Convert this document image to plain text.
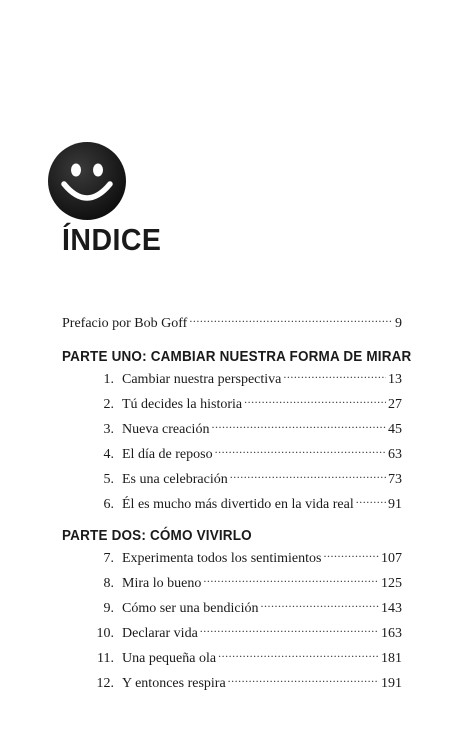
ÍNDICE
Prefacio por Bob Goff .....	9
PARTE UNO: CAMBIAR NUESTRA FORMA DE MIRAR
1. Cambiar nuestra perspectiva .....	13
2. Tú decides la historia .....	27
3. Nueva creación .....	45
4. El día de reposo .....	63
5. Es una celebración .....	73
6. Él es mucho más divertido en la vida real ..... 91
PARTE DOS: CÓMO VIVIRLO
7. Experimenta todos los sentimientos .....	107
8. Mira lo bueno .....	125
9. Cómo ser una bendición .....	143
10. Declarar vida .....	163
11. Una pequeña ola .....	181
12. Y entonces respira .....	191
